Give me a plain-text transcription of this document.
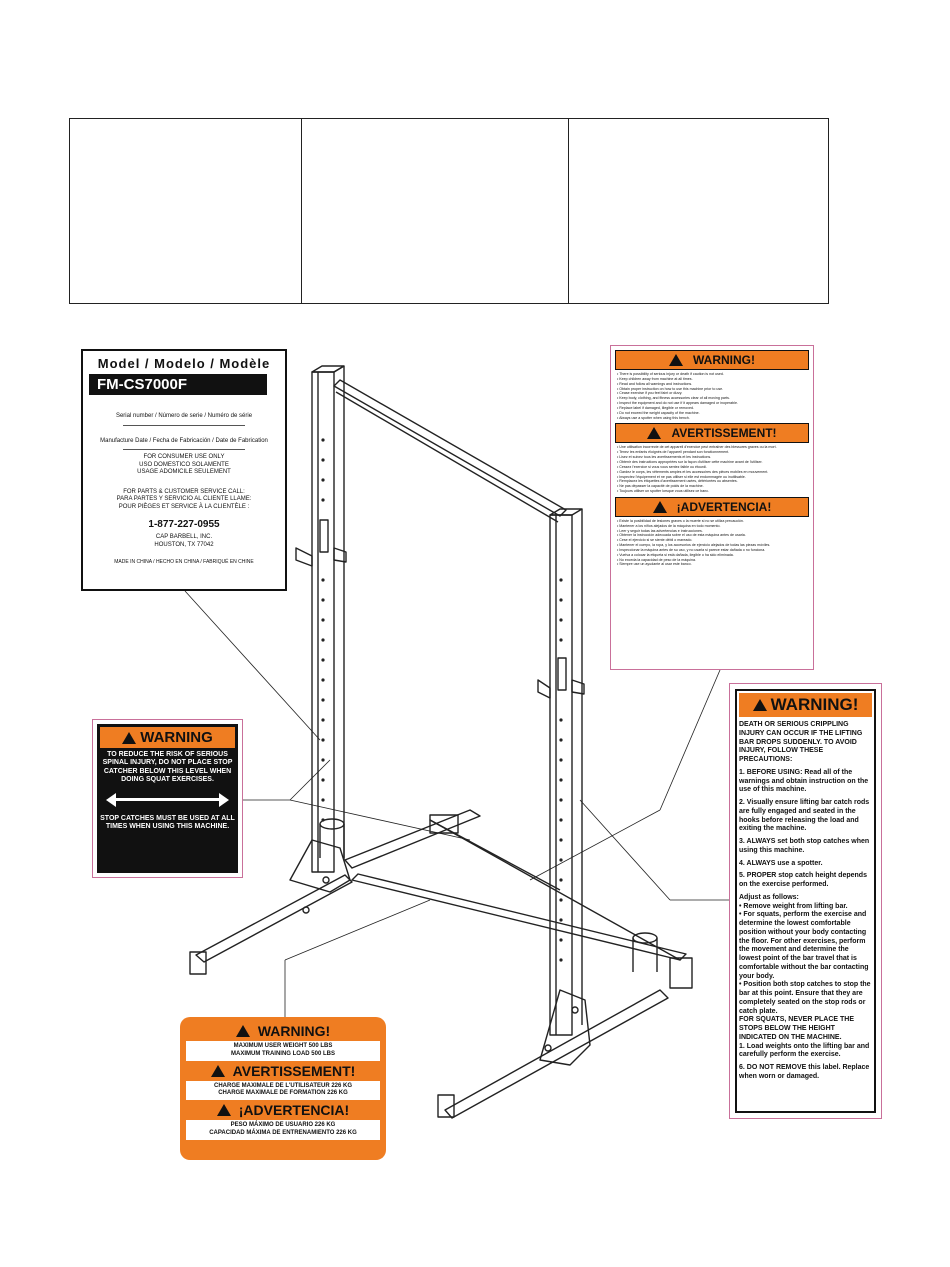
Model / Modelo / Modèle
FM-CS7000F
Serial number / Número de serie / Numéro de série
Manufacture Date / Fecha de Fabricación / Date de Fabrication
FOR CONSUMER USE ONLY
USO DOMESTICO SOLAMENTE
USAGE ADOMICILE SEULEMENT
FOR PARTS & CUSTOMER SERVICE CALL:
PARA PARTES Y SERVICIO AL CLIENTE LLAME:
POUR PIÈGES ET SERVICE À LA CLIENTÈLE :
1-877-227-0955
CAP BARBELL, INC.
HOUSTON, TX 77042
MADE IN CHINA / HECHO EN CHINA / FABRIQUÉ EN CHINE
WARNING!
• There is possibility of serious injury or death if caution is not used.
• Keep children away from machine at all times.
• Read and follow all warnings and instructions.
• Obtain proper instruction on how to use this machine prior to use.
• Cease exercise if you feel faint or dizzy.
• Keep body, clothing, and fitness accessories clear of all moving parts.
• Inspect the equipment and do not use if it appears damaged or inoperable.
• Replace label if damaged, illegible or removed.
• Do not exceed the weight capacity of the machine.
• Always use a spotter when using this bench.
AVERTISSEMENT!
• Une utilisation incorrecte de cet appareil d'exercice peut entraîner des blessures graves ou la mort.
• Tenez les enfants éloignés de l'appareil pendant son fonctionnement.
• Lisez et suivez tous les avertissements et les instructions.
• Obtenir des instructions appropriées sur la façon d'utiliser cette machine avant de l'utiliser.
• Cessez l'exercice si vous vous sentez faible ou étourdi.
• Gardez le corps, les vêtements amples et les accessoires des pièces mobiles en mouvement.
• Inspectez l'équipement et ne pas utiliser si elle est endommagée ou inutilisable.
• Remplacez les étiquettes d'avertissement usées, détériorées ou absentes.
• Ne pas dépasser la capacité de poids de la machine.
• Toujours utiliser un spotter lorsque vous utilisez ce banc.
¡ADVERTENCIA!
• Existe la posibilidad de lesiones graves o la muerte si no se utiliza precaución.
• Mantener a los niños alejados de la máquina en todo momento.
• Leer y seguir todas las advertencias e instrucciones.
• Obtener la instrucción adecuada sobre el uso de esta máquina antes de usarla.
• Cese el ejercicio si se siente débil o mareado.
• Mantener el cuerpo, la ropa, y los accesorios de ejercicio alejados de todas las piezas móviles.
• Inspeccionar la máquina antes de su uso, y no usarla si parece estar dañada o no funciona.
• Vuelva a colocar la etiqueta si está dañada, ilegible o ha sido eliminada.
• No exceda la capacidad de peso de la máquina.
• Siempre use un ayudante al usar este banco.
WARNING
TO REDUCE THE RISK OF SERIOUS SPINAL INJURY, DO NOT PLACE STOP CATCHER BELOW THIS LEVEL WHEN DOING SQUAT EXERCISES.
STOP CATCHES MUST BE USED AT ALL TIMES WHEN USING THIS MACHINE.
WARNING!

DEATH OR SERIOUS CRIPPLING INJURY CAN OCCUR IF THE LIFTING BAR DROPS SUDDENLY. TO AVOID INJURY, FOLLOW THESE PRECAUTIONS:

1. BEFORE USING: Read all of the warnings and obtain instruction on the use of this machine.

2. Visually ensure lifting bar catch rods are fully engaged and seated in the hooks before releasing the load and exiting the machine.

3. ALWAYS set both stop catches when using this machine.

4. ALWAYS use a spotter.

5. PROPER stop catch height depends on the exercise performed.

Adjust as follows:

• Remove weight from lifting bar.

• For squats, perform the exercise and determine the lowest comfortable position without your body contacting the floor. For other exercises, perform the movement and determine the lowest point of the bar travel that is comfortable without the bar contacting your body.

• Position both stop catches to stop the bar at this point. Ensure that they are completely seated on the stop rods or catch plate.

FOR SQUATS, NEVER PLACE THE STOPS BELOW THE HEIGHT INDICATED ON THE MACHINE.

1. Load weights onto the lifting bar and carefully perform the exercise.

6. DO NOT REMOVE this label. Replace when worn or damaged.

WARNING!
MAXIMUM USER WEIGHT 500 LBS
MAXIMUM TRAINING LOAD 500 LBS
AVERTISSEMENT!
CHARGE MAXIMALE DE L'UTILISATEUR 226 KG
CHARGE MAXIMALE DE FORMATION 226 KG
¡ADVERTENCIA!
PESO MÁXIMO DE USUARIO 226 KG
CAPACIDAD MÁXIMA DE ENTRENAMIENTO 226 KG
